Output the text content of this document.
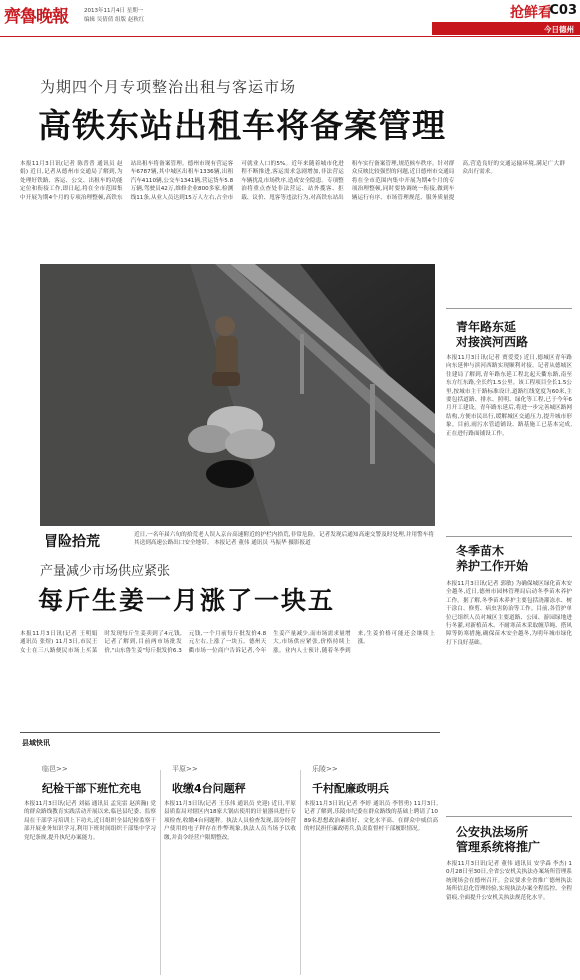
齊魯晚報	2013年11月4日 星期一
编辑 吴倩倩 组版 赵秋红	抢鲜看
C03
今日德州
为期四个月专项整治出租与客运市场
高铁东站出租车将备案管理
本报11月3日讯(记者 陈普普 通讯员 赵娟) 近日,记者从德州市交通局了解到,为处理好铁路、客运、公交、出租车的功能定位和衔接工作,即日起,将在全市范围集中开展为期4个月的专项治理整顿,高铁东站出租车将备案管理。德州市现有营运客车6787辆,其中城区出租车1336辆,出租汽车4110辆,公交车1341辆,营运货车5.8万辆,驾驶员42万,维修企业800多家,检测线11条,从业人员达到15万人左右,占全市可就业人口的5%。近年来随着城市化进程不断推进,客运需求急剧增加,非法营运车辆扰乱市场秩序,造成安全隐患。专项整治将重点查处非法营运、站外揽客、拒载、议价、甩客等违法行为,对高铁东站出租车实行备案管理,规范候车秩序。针对群众反映比较强烈的问题,近日德州市交通局将在全市范围内集中开展为期4个月的专项治理整顿,同时要协调统一衔接,做到车辆运行有序、市场管理规范、服务质量提高,营造良好的交通运输环境,满足广大群众出行需求。
冒险拾荒	近日,一名年届六旬的拾荒老人误入京台高速附近的护栏内拾荒,非常危险。记者发现后通知高速交警及时处理,并用警车将其送到高速公路出口安全地带。 本报记者 董伟 通讯员 马振华 摄影报道
青年路东延
对接滨河西路
本报11月3日讯(记者 贾爱爱) 近日,德城区青年路向东延伸与滨河西路实现顺利对接。记者从德城区住建局了解到,青年路东延工程北起天衢东路,南至东方红东路,全长约1.5公里。该工程项目全长1.5公里,按城市主干路标准设计,道路红线宽度为60米,主要包括道路、排水、照明、绿化等工程,已于今年6月开工建设。青年路东延后,将进一步完善城区路网结构,方便市民出行,缓解城区交通压力,提升城市形象。目前,雨污水管道铺设、路基施工已基本完成,正在进行路面铺设工作。
冬季苗木
养护工作开始
本报11月3日讯(记者 郭敏) 为确保城区绿化苗木安全越冬,近日,德州市园林管理局启动冬季苗木养护工作。据了解,冬季苗木养护主要包括浇灌冻水、树干涂白、修剪、病虫害防治等工作。目前,各管护单位已组织人员对城区主要道路、公园、游园绿地进行冬灌,对新植苗木、不耐寒苗木采取缠草绳、搭风障等防寒措施,确保苗木安全越冬,为明年城市绿化打下良好基础。
公安执法场所
管理系统将推广
本报11月3日讯(记者 董伟 通讯员 安学森 李杰) 10月28日至30日,全省公安机关执法办案场所管理系统现场会在德州召开。会议要求全省推广德州执法场所信息化管理经验,实现执法办案全程监控、全程留痕,全面提升公安机关执法规范化水平。
产量减少市场供应紧张
每斤生姜一月涨了一块五
本报11月3日讯(记者 王明娟 通讯员 张煜) 11月3日,市民王女士在三八路便民市场上买菜时发现每斤生姜卖到了4元钱,记者了解到,目前两市场批发价,"山东鲁生姜"每斤批发价6.3元钱,一个月前每斤批发价4.8元左右,上涨了一块五。德州天衢市场一位商户告诉记者,今年生姜产量减少,而市场需求量增大,市场供应紧张,价格持续上涨。业内人士预计,随着冬季到来,生姜价格可能还会继续上涨。
县域快讯
临邑>>
纪检干部下班忙充电
本报11月3日讯(记者 刘福 通讯员 孟宪雷 赵滨瀚) 党的群众路线教育实践活动开展以来,临邑县纪委、监察局在干部学习培训上下功夫,近日组织全县纪检监察干部开展业务知识学习,利用下班时间组织干部集中学习党纪条规,提升执纪办案能力。
平原>>
收缴4台问题秤
本报11月3日讯(记者 王乐伟 通讯员 史迎) 近日,平原县质监局对辖区内18家大锅店使用的计量器具进行专项检查,收缴4台问题秤。执法人员检查发现,部分经营户使用的电子秤存在作弊现象,执法人员当场予以收缴,并责令经营户限期整改。
乐陵>>
千村配廉政明兵
本报11月3日讯(记者 李婷 通讯员 李智勇) 11月3日,记者了解到,乐陵市纪委在群众路线的基础上聘请了1089名思想政治素质好、文化水平高、在群众中威信高的村民担任廉政明兵,负责监督村干部履职情况。
